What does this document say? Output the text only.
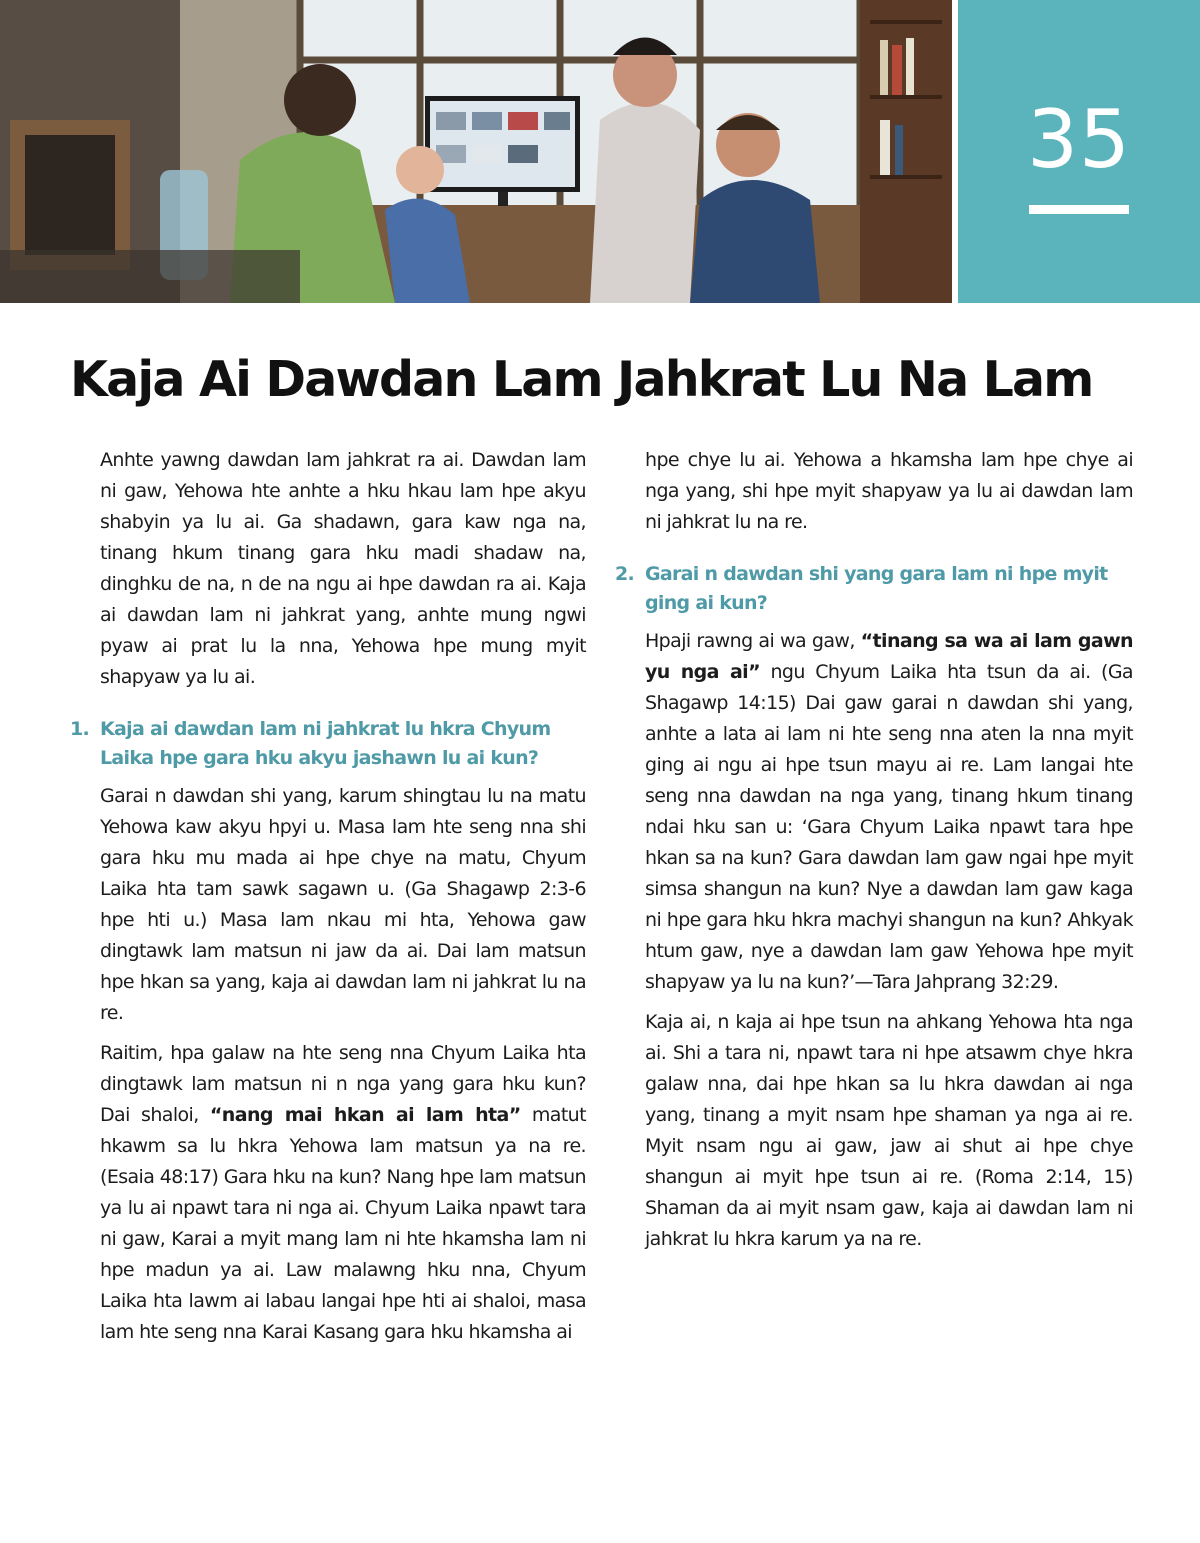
35
Kaja Ai Dawdan Lam Jahkrat Lu Na Lam

Anhte yawng dawdan lam jahkrat ra ai. Dawdan lam ni gaw, Yehowa hte anhte a hku hkau lam hpe akyu shabyin ya lu ai. Ga shadawn, gara kaw nga na, tinang hkum tinang gara hku madi shadaw na, dinghku de na, n de na ngu ai hpe dawdan ra ai. Kaja ai dawdan lam ni jahkrat yang, anhte mung ngwi pyaw ai prat lu la nna, Yehowa hpe mung myit shapyaw ya lu ai.

1. Kaja ai dawdan lam ni jahkrat lu hkra Chyum Laika hpe gara hku akyu jashawn lu ai kun?

Garai n dawdan shi yang, karum shingtau lu na matu Yehowa kaw akyu hpyi u. Masa lam hte seng nna shi gara hku mu mada ai hpe chye na matu, Chyum Laika hta tam sawk sagawn u. (Ga Shagawp 2:3-6 hpe hti u.) Masa lam nkau mi hta, Yehowa gaw dingtawk lam matsun ni jaw da ai. Dai lam matsun hpe hkan sa yang, kaja ai dawdan lam ni jahkrat lu na re.

Raitim, hpa galaw na hte seng nna Chyum Laika hta dingtawk lam matsun ni n nga yang gara hku kun? Dai shaloi, “nang mai hkan ai lam hta” matut hkawm sa lu hkra Yehowa lam matsun ya na re. (Esaia 48:17) Gara hku na kun? Nang hpe lam matsun ya lu ai npawt tara ni nga ai. Chyum Laika npawt tara ni gaw, Karai a myit mang lam ni hte hkamsha lam ni hpe madun ya ai. Law malawng hku nna, Chyum Laika hta lawm ai labau langai hpe hti ai shaloi, masa lam hte seng nna Karai Kasang gara hku hkamsha ai

hpe chye lu ai. Yehowa a hkamsha lam hpe chye ai nga yang, shi hpe myit shapyaw ya lu ai dawdan lam ni jahkrat lu na re.

2. Garai n dawdan shi yang gara lam ni hpe myit ging ai kun?

Hpaji rawng ai wa gaw, “tinang sa wa ai lam gawn yu nga ai” ngu Chyum Laika hta tsun da ai. (Ga Shagawp 14:15) Dai gaw garai n dawdan shi yang, anhte a lata ai lam ni hte seng nna aten la nna myit ging ai ngu ai hpe tsun mayu ai re. Lam langai hte seng nna dawdan na nga yang, tinang hkum tinang ndai hku san u: ‘Gara Chyum Laika npawt tara hpe hkan sa na kun? Gara dawdan lam gaw ngai hpe myit simsa shangun na kun? Nye a dawdan lam gaw kaga ni hpe gara hku hkra machyi shangun na kun? Ahkyak htum gaw, nye a dawdan lam gaw Yehowa hpe myit shapyaw ya lu na kun?’—Tara Jahprang 32:29.

Kaja ai, n kaja ai hpe tsun na ahkang Yehowa hta nga ai. Shi a tara ni, npawt tara ni hpe atsawm chye hkra galaw nna, dai hpe hkan sa lu hkra dawdan ai nga yang, tinang a myit nsam hpe shaman ya nga ai re. Myit nsam ngu ai gaw, jaw ai shut ai hpe chye shangun ai myit hpe tsun ai re. (Roma 2:14, 15) Shaman da ai myit nsam gaw, kaja ai dawdan lam ni jahkrat lu hkra karum ya na re.
